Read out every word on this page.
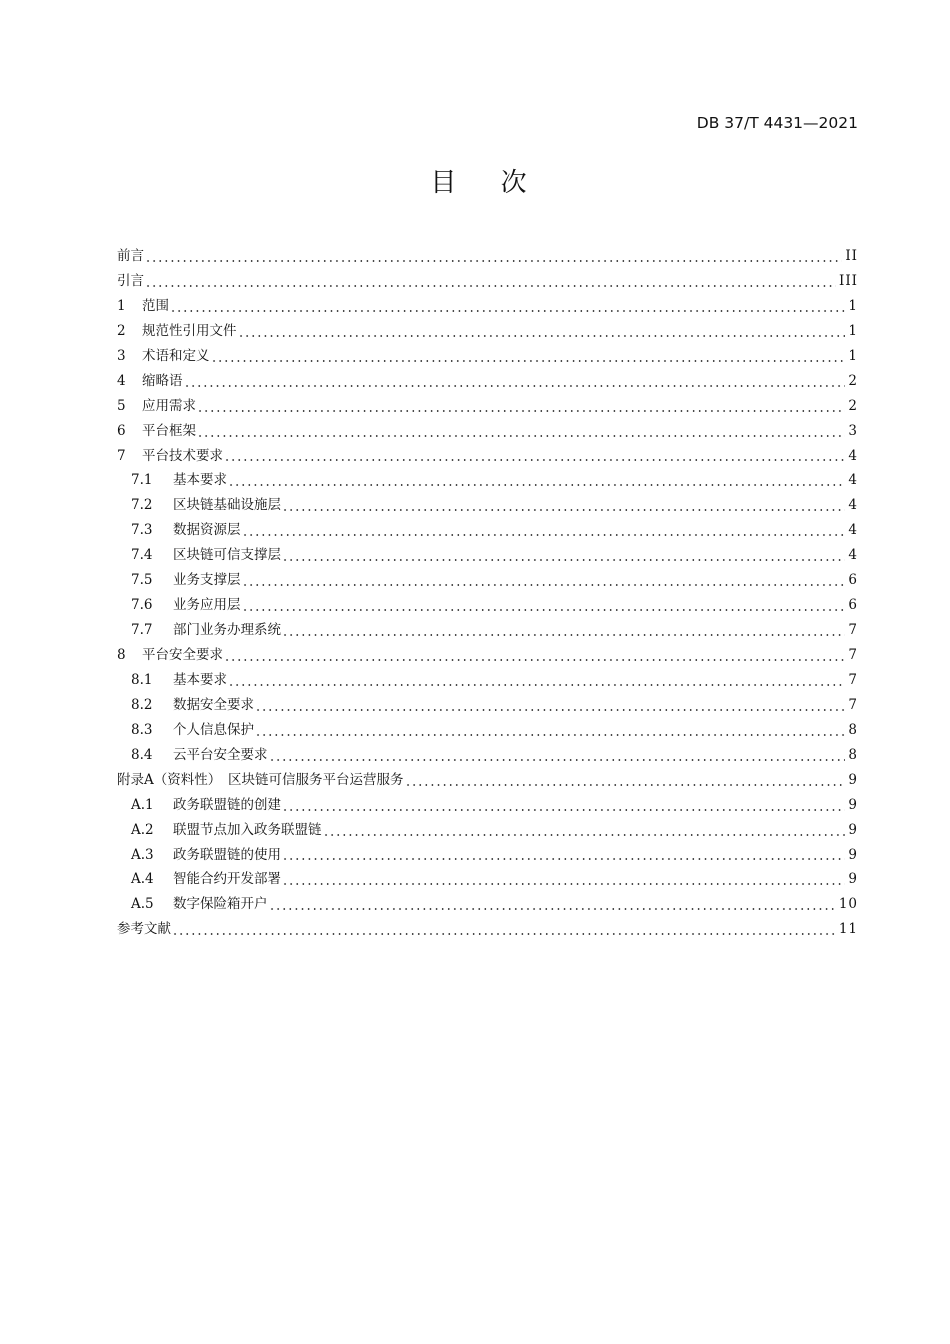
DB 37/T 4431—2021
目 次
前言	II
引言	III
1	范围	1
2	规范性引用文件	1
3	术语和定义	1
4	缩略语	2
5	应用需求	2
6	平台框架	3
7	平台技术要求	4
7.1	基本要求	4
7.2	区块链基础设施层	4
7.3	数据资源层	4
7.4	区块链可信支撑层	4
7.5	业务支撑层	6
7.6	业务应用层	6
7.7	部门业务办理系统	7
8	平台安全要求	7
8.1	基本要求	7
8.2	数据安全要求	7
8.3	个人信息保护	8
8.4	云平台安全要求	8
附录A（资料性）　区块链可信服务平台运营服务	9
A.1	政务联盟链的创建	9
A.2	联盟节点加入政务联盟链	9
A.3	政务联盟链的使用	9
A.4	智能合约开发部署	9
A.5	数字保险箱开户	10
参考文献	11
